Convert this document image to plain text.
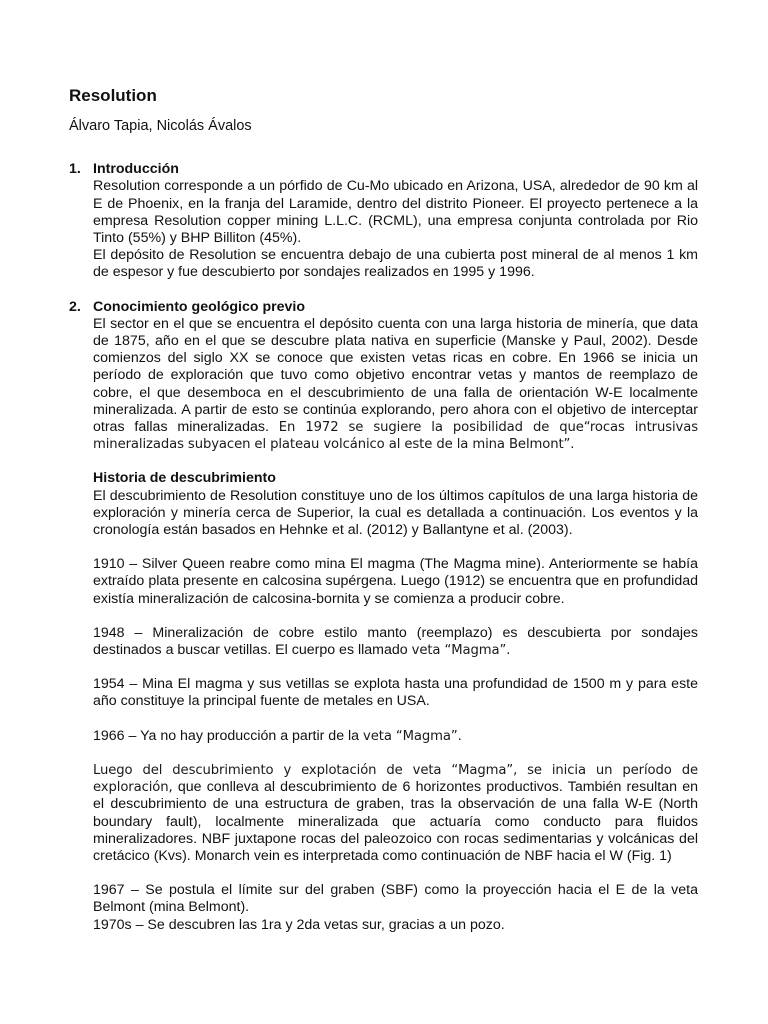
Resolution
Álvaro Tapia, Nicolás Ávalos
1. Introducción

Resolution corresponde a un pórfido de Cu-Mo ubicado en Arizona, USA, alrededor de 90 km al E de Phoenix, en la franja del Laramide, dentro del distrito Pioneer. El proyecto pertenece a la empresa Resolution copper mining L.L.C. (RCML), una empresa conjunta controlada por Rio Tinto (55%) y BHP Billiton (45%).

El depósito de Resolution se encuentra debajo de una cubierta post mineral de al menos 1 km de espesor y fue descubierto por sondajes realizados en 1995 y 1996.

2. Conocimiento geológico previo

El sector en el que se encuentra el depósito cuenta con una larga historia de minería, que data de 1875, año en el que se descubre plata nativa en superficie (Manske y Paul, 2002). Desde comienzos del siglo XX se conoce que existen vetas ricas en cobre. En 1966 se inicia un período de exploración que tuvo como objetivo encontrar vetas y mantos de reemplazo de cobre, el que desemboca en el descubrimiento de una falla de orientación W-E localmente mineralizada. A partir de esto se continúa explorando, pero ahora con el objetivo de interceptar otras fallas mineralizadas. En 1972 se sugiere la posibilidad de que“rocas intrusivas mineralizadas subyacen el plateau volcánico al este de la mina Belmont”.

Historia de descubrimiento

El descubrimiento de Resolution constituye uno de los últimos capítulos de una larga historia de exploración y minería cerca de Superior, la cual es detallada a continuación. Los eventos y la cronología están basados en Hehnke et al. (2012) y Ballantyne et al. (2003).

1910 – Silver Queen reabre como mina El magma (The Magma mine). Anteriormente se había extraído plata presente en calcosina supérgena. Luego (1912) se encuentra que en profundidad existía mineralización de calcosina-bornita y se comienza a producir cobre.

1948 – Mineralización de cobre estilo manto (reemplazo) es descubierta por sondajes destinados a buscar vetillas. El cuerpo es llamado veta “Magma”.

1954 – Mina El magma y sus vetillas se explota hasta una profundidad de 1500 m y para este año constituye la principal fuente de metales en USA.

1966 – Ya no hay producción a partir de la veta “Magma”.

Luego del descubrimiento y explotación de veta “Magma”, se inicia un período de exploración, que conlleva al descubrimiento de 6 horizontes productivos. También resultan en el descubrimiento de una estructura de graben, tras la observación de una falla W-E (North boundary fault), localmente mineralizada que actuaría como conducto para fluidos mineralizadores. NBF juxtapone rocas del paleozoico con rocas sedimentarias y volcánicas del cretácico (Kvs). Monarch vein es interpretada como continuación de NBF hacia el W (Fig. 1)

1967 – Se postula el límite sur del graben (SBF) como la proyección hacia el E de la veta Belmont (mina Belmont).

1970s – Se descubren las 1ra y 2da vetas sur, gracias a un pozo.
